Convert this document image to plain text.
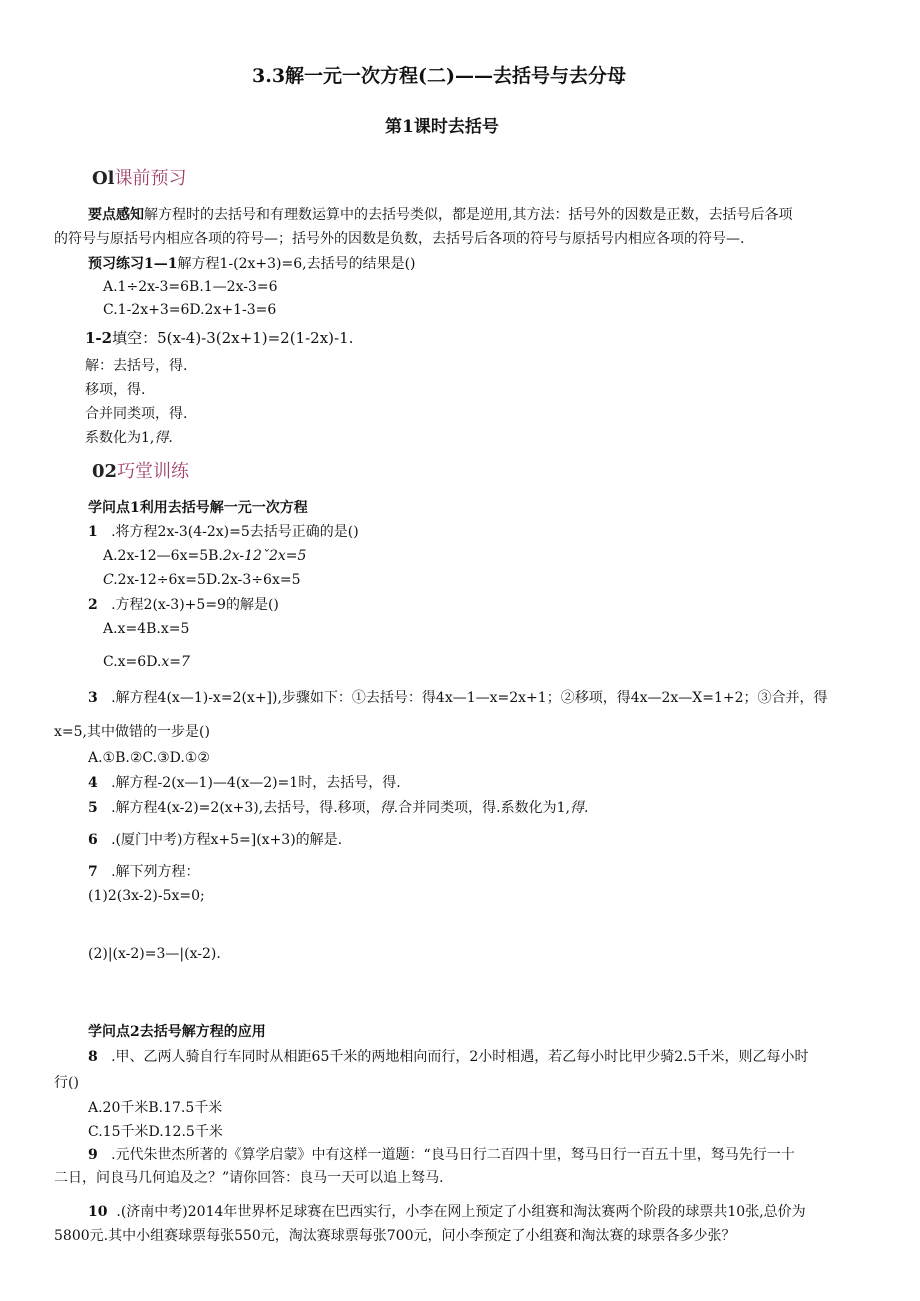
3.3解一元一次方程(二)——去括号与去分母
第1课时去括号
Ol课前预习
要点感知解方程时的去括号和有理数运算中的去括号类似，都是逆用,其方法：括号外的因数是正数，去括号后各项
的符号与原括号内相应各项的符号—；括号外的因数是负数，去括号后各项的符号与原括号内相应各项的符号—.
预习练习1—1解方程1-(2x+3)=6,去括号的结果是()
A.1÷2x-3=6B.1—2x-3=6
C.1-2x+3=6D.2x+1-3=6
1-2填空：5(x-4)-3(2x+1)=2(1-2x)-1.
解：去括号，得.
移项，得.
合并同类项，得.
系数化为1,得.
02巧堂训练
学问点1利用去括号解一元一次方程
1 .将方程2x-3(4-2x)=5去括号正确的是()
A.2x-12—6x=5B.2x-12ˇ2x=5
C.2x-12÷6x=5D.2x-3÷6x=5
2 .方程2(x-3)+5=9的解是()
A.x=4B.x=5
C.x=6D.x=7
3 .解方程4(x—1)-x=2(x+]),步骤如下：①去括号：得4x—1—x=2x+1；②移项，得4x—2x—X=1+2；③合并，得
x=5,其中做错的一步是()
A.①B.②C.③D.①②
4 .解方程-2(x—1)—4(x—2)=1时，去括号，得.
5 .解方程4(x-2)=2(x+3),去括号，得.移项，得.合并同类项，得.系数化为1,得.
6 .(厦门中考)方程x+5=](x+3)的解是.
7 .解下列方程：
(1)2(3x-2)-5x=0;
(2)|(x-2)=3—|(x-2).
学问点2去括号解方程的应用
8 .甲、乙两人骑自行车同时从相距65千米的两地相向而行，2小时相遇，若乙每小时比甲少骑2.5千米，则乙每小时
行()
A.20千米B.17.5千米
C.15千米D.12.5千米
9 .元代朱世杰所著的《算学启蒙》中有这样一道题：“良马日行二百四十里，驽马日行一百五十里，驽马先行一十
二日，问良马几何追及之？”请你回答：良马一天可以追上驽马.
10 .(济南中考)2014年世界杯足球赛在巴西实行，小李在网上预定了小组赛和淘汰赛两个阶段的球票共10张,总价为
5800元.其中小组赛球票每张550元，淘汰赛球票每张700元，问小李预定了小组赛和淘汰赛的球票各多少张？
